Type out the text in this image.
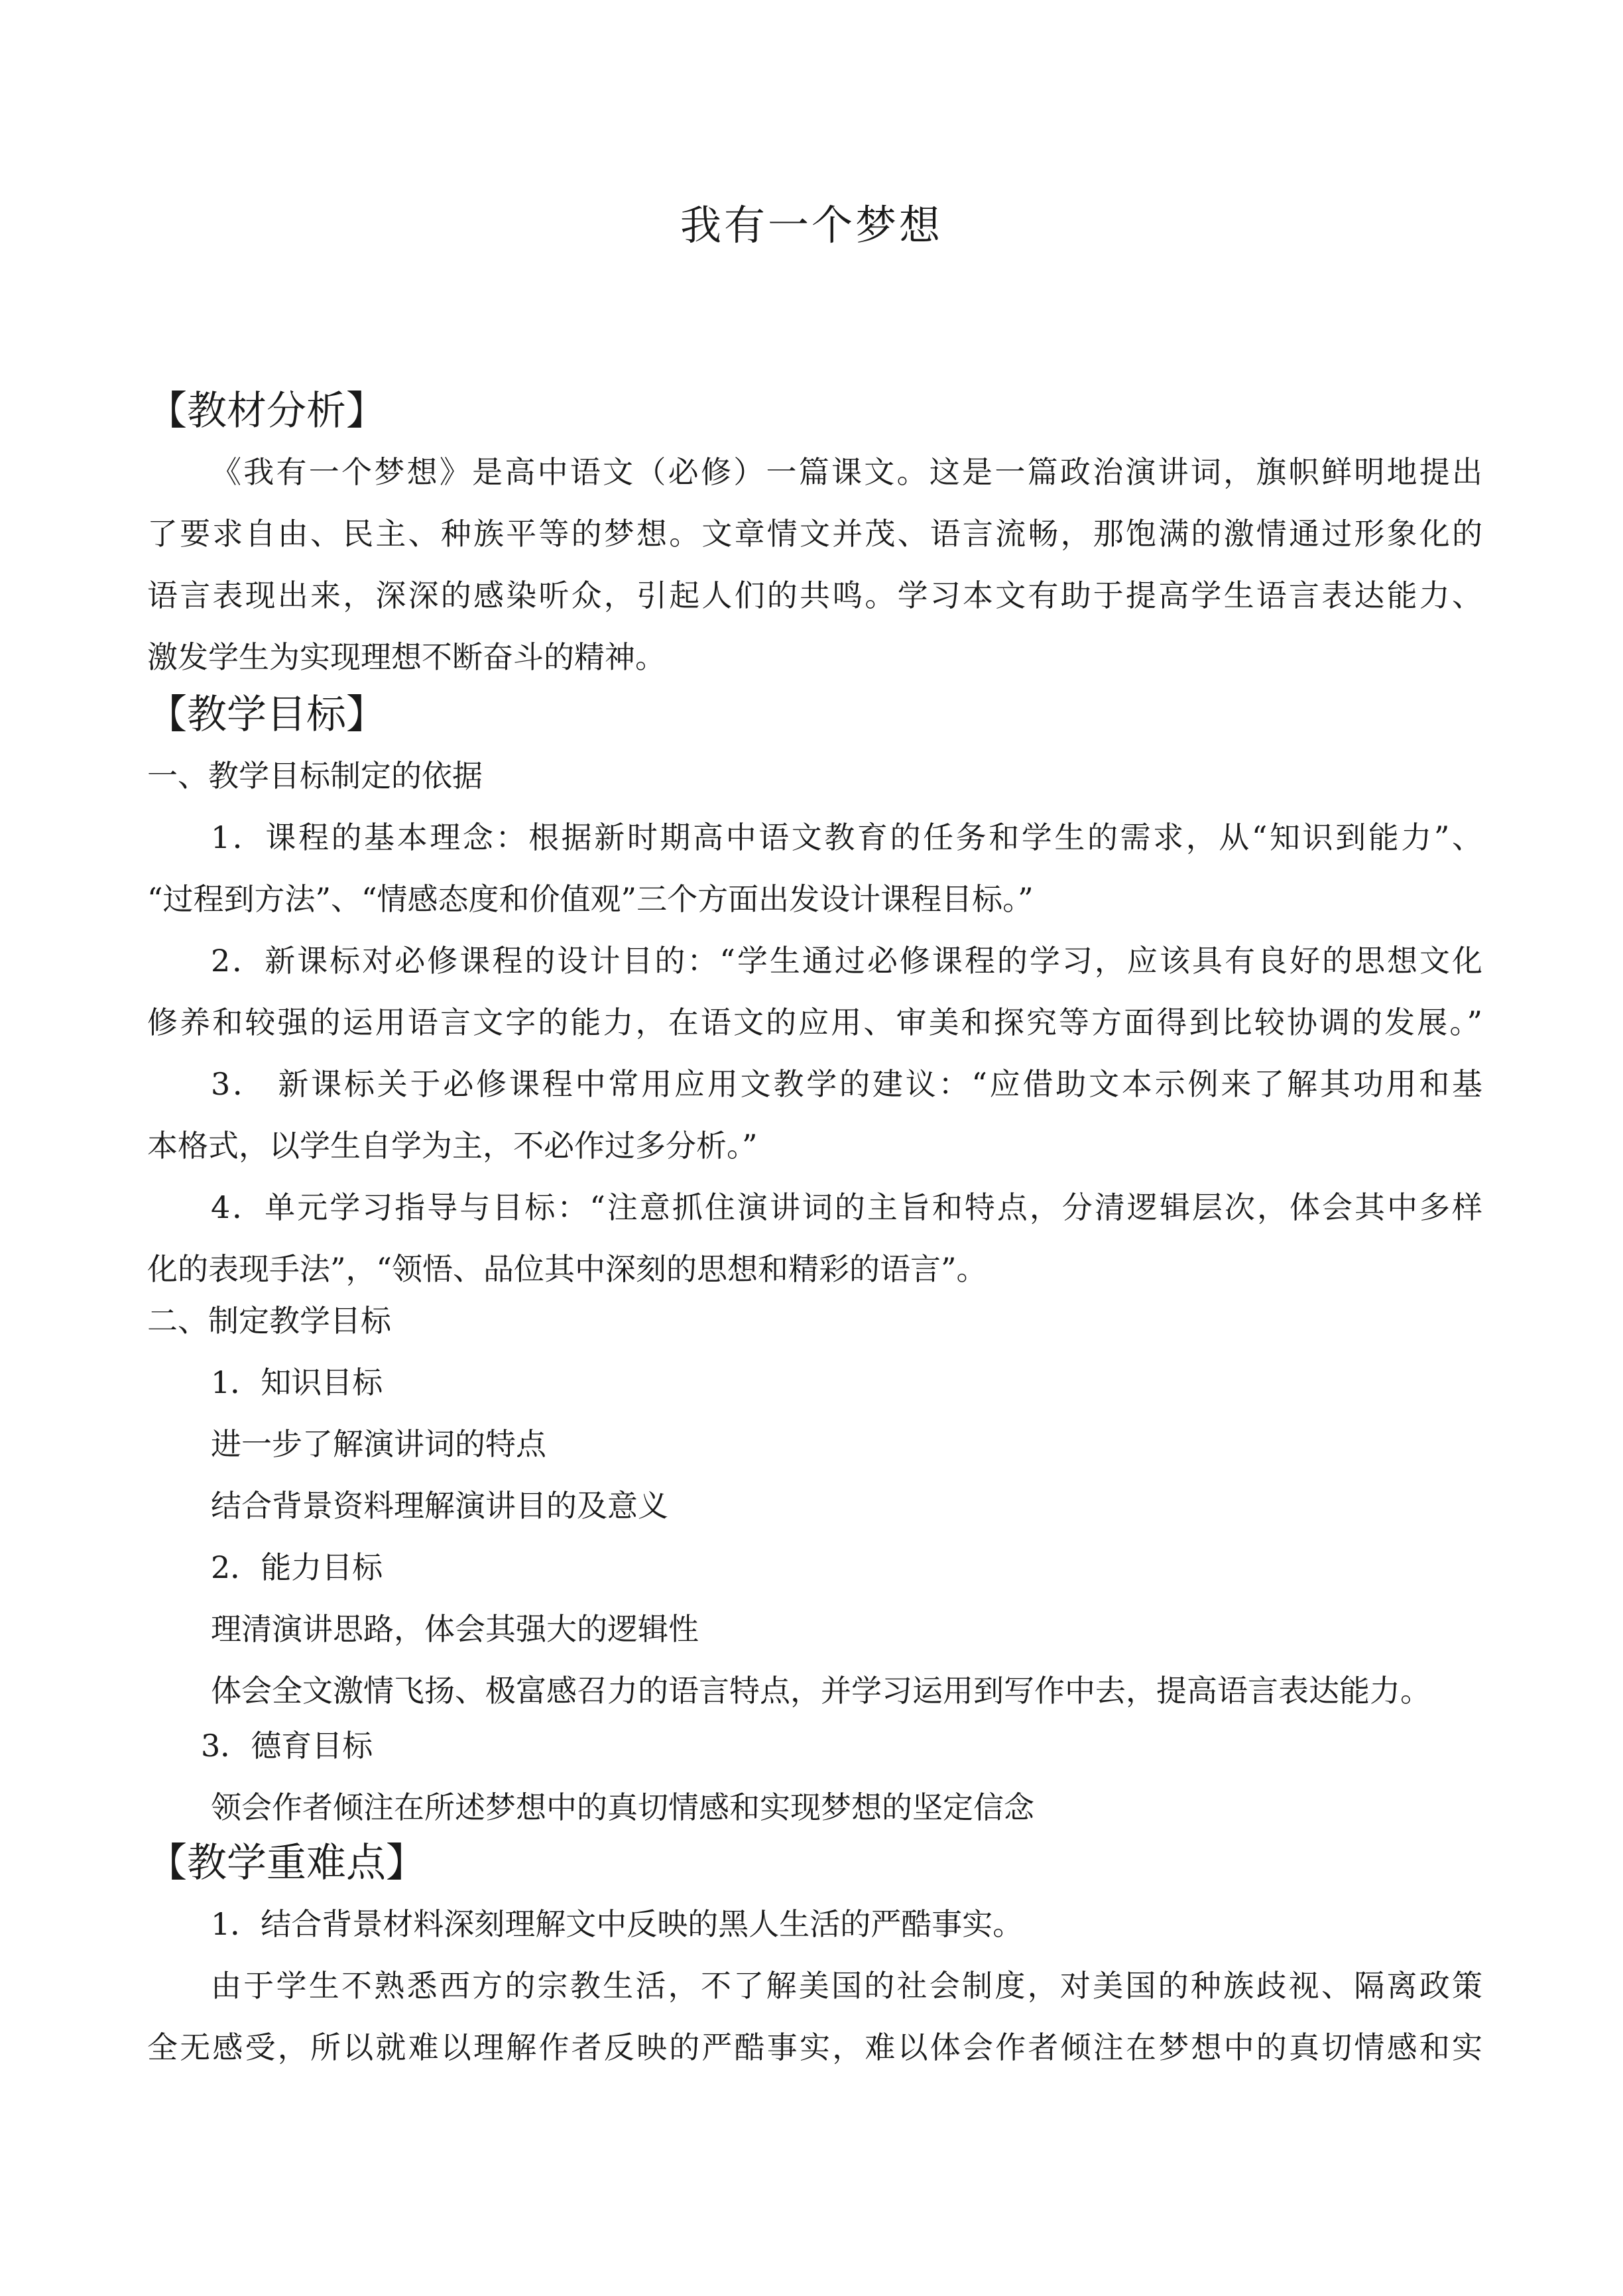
我有一个梦想
【教材分析】
《我有一个梦想》是高中语文（必修）一篇课文。这是一篇政治演讲词，旗帜鲜明地提出
了要求自由、民主、种族平等的梦想。文章情文并茂、语言流畅，那饱满的激情通过形象化的
语言表现出来，深深的感染听众，引起人们的共鸣。学习本文有助于提高学生语言表达能力、
激发学生为实现理想不断奋斗的精神。
【教学目标】
一、教学目标制定的依据
1．课程的基本理念：根据新时期高中语文教育的任务和学生的需求，从“知识到能力”、
“过程到方法”、“情感态度和价值观”三个方面出发设计课程目标。”
2．新课标对必修课程的设计目的：“学生通过必修课程的学习，应该具有良好的思想文化
修养和较强的运用语言文字的能力，在语文的应用、审美和探究等方面得到比较协调的发展。”
3． 新课标关于必修课程中常用应用文教学的建议：“应借助文本示例来了解其功用和基
本格式，以学生自学为主，不必作过多分析。”
4．单元学习指导与目标：“注意抓住演讲词的主旨和特点，分清逻辑层次，体会其中多样
化的表现手法”，“领悟、品位其中深刻的思想和精彩的语言”。
二、制定教学目标
1．知识目标
进一步了解演讲词的特点
结合背景资料理解演讲目的及意义
2．能力目标
理清演讲思路，体会其强大的逻辑性
体会全文激情飞扬、极富感召力的语言特点，并学习运用到写作中去，提高语言表达能力。
3．德育目标
领会作者倾注在所述梦想中的真切情感和实现梦想的坚定信念
【教学重难点】
1．结合背景材料深刻理解文中反映的黑人生活的严酷事实。
由于学生不熟悉西方的宗教生活，不了解美国的社会制度，对美国的种族歧视、隔离政策
全无感受，所以就难以理解作者反映的严酷事实，难以体会作者倾注在梦想中的真切情感和实
